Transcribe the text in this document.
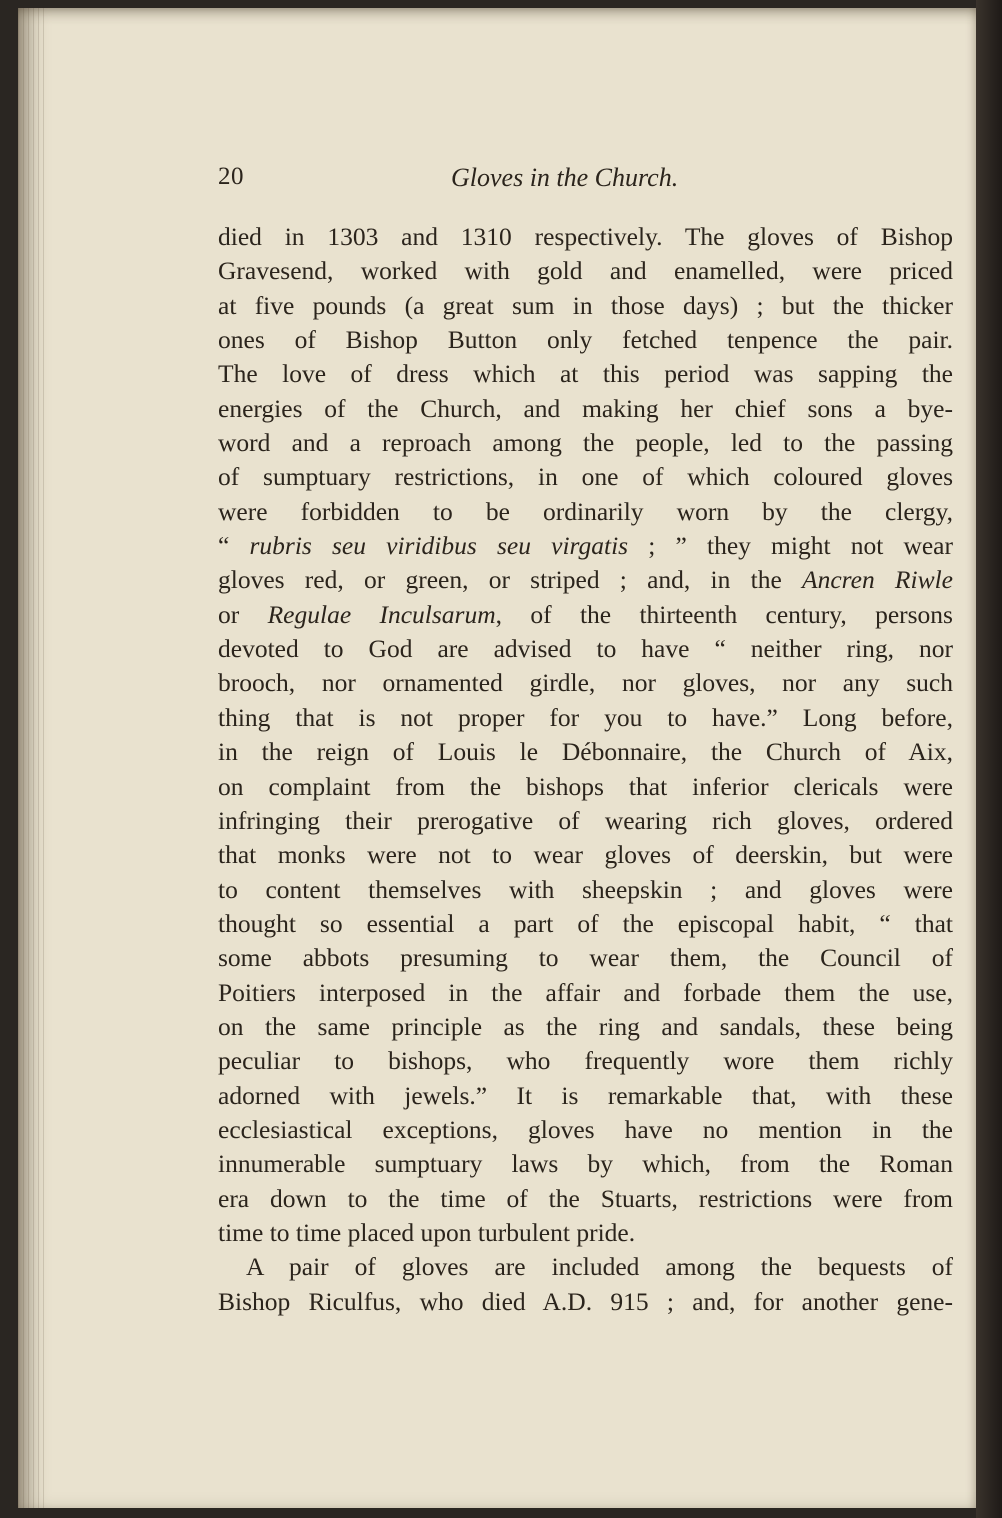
20	Gloves in the Church.
died in 1303 and 1310 respectively. The gloves of Bishop
Gravesend, worked with gold and enamelled, were priced
at five pounds (a great sum in those days) ; but the thicker
ones of Bishop Button only fetched tenpence the pair.
The love of dress which at this period was sapping the
energies of the Church, and making her chief sons a bye-
word and a reproach among the people, led to the passing
of sumptuary restrictions, in one of which coloured gloves
were forbidden to be ordinarily worn by the clergy,
“ rubris seu viridibus seu virgatis ; ” they might not wear
gloves red, or green, or striped ; and, in the Ancren Riwle
or Regulae Inculsarum, of the thirteenth century, persons
devoted to God are advised to have “ neither ring, nor
brooch, nor ornamented girdle, nor gloves, nor any such
thing that is not proper for you to have.” Long before,
in the reign of Louis le Débonnaire, the Church of Aix,
on complaint from the bishops that inferior clericals were
infringing their prerogative of wearing rich gloves, ordered
that monks were not to wear gloves of deerskin, but were
to content themselves with sheepskin ; and gloves were
thought so essential a part of the episcopal habit, “ that
some abbots presuming to wear them, the Council of
Poitiers interposed in the affair and forbade them the use,
on the same principle as the ring and sandals, these being
peculiar to bishops, who frequently wore them richly
adorned with jewels.” It is remarkable that, with these
ecclesiastical exceptions, gloves have no mention in the
innumerable sumptuary laws by which, from the Roman
era down to the time of the Stuarts, restrictions were from
time to time placed upon turbulent pride.
A pair of gloves are included among the bequests of
Bishop Riculfus, who died A.D. 915 ; and, for another gene-
